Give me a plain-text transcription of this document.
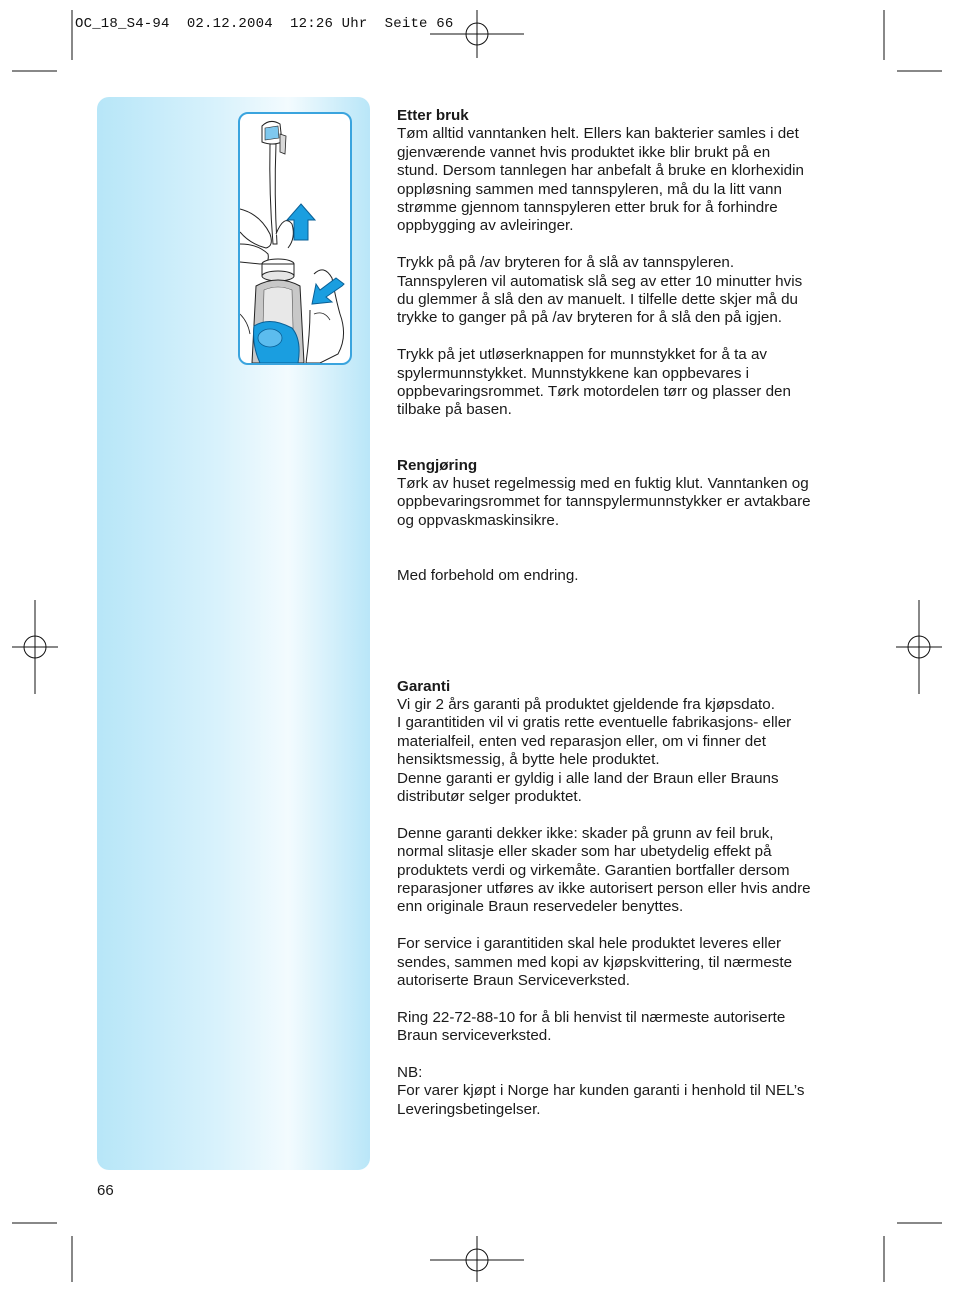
OC_18_S4-94  02.12.2004  12:26 Uhr  Seite 66

Etter bruk

Tøm alltid vanntanken helt. Ellers kan bakterier samles i det
gjenværende vannet hvis produktet ikke blir brukt på en
stund. Dersom tannlegen har anbefalt å bruke en klorhexidin
oppløsning sammen med tannspyleren, må du la litt vann
strømme gjennom tannspyleren etter bruk for å forhindre
oppbygging av avleiringer.

Trykk på på /av bryteren for å slå av tannspyleren.
Tannspyleren vil automatisk slå seg av etter 10 minutter hvis
du glemmer å slå den av manuelt. I tilfelle dette skjer må du
trykke to ganger på på /av bryteren for å slå den på igjen.

Trykk på jet utløserknappen for munnstykket for å ta av
spylermunnstykket. Munnstykkene kan oppbevares i
oppbevaringsrommet. Tørk motordelen tørr og plasser den
tilbake på basen.

Rengjøring

Tørk av huset regelmessig med en fuktig klut. Vanntanken og
oppbevaringsrommet for tannspylermunnstykker er avtakbare
og oppvaskmaskinsikre.

Med forbehold om endring.

Garanti

Vi gir 2 års garanti på produktet gjeldende fra kjøpsdato.
I garantitiden vil vi gratis rette eventuelle fabrikasjons- eller
materialfeil, enten ved reparasjon eller, om vi finner det
hensiktsmessig, å bytte hele produktet.
Denne garanti er gyldig i alle land der Braun eller Brauns
distributør selger produktet.

Denne garanti dekker ikke: skader på grunn av feil bruk,
normal slitasje eller skader som har ubetydelig effekt på
produktets verdi og virkemåte. Garantien bortfaller dersom
reparasjoner utføres av ikke autorisert person eller hvis andre
enn originale Braun reservedeler benyttes.

For service i garantitiden skal hele produktet leveres eller
sendes, sammen med kopi av kjøpskvittering, til nærmeste
autoriserte Braun Serviceverksted.

Ring 22-72-88-10 for å bli henvist til nærmeste autoriserte
Braun serviceverksted.

NB:
For varer kjøpt i Norge har kunden garanti i henhold til NEL’s
Leveringsbetingelser.

66
